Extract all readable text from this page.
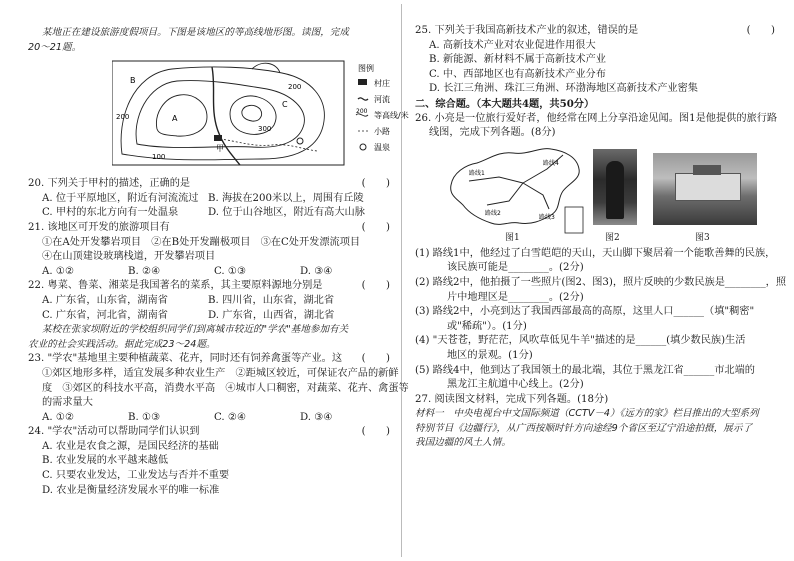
某地正在建设旅游度假项目。下图是该地区的等高线地形图。读图，完成
20～21题。
甲
A
B
C
100
200
300
200
图例
村庄
河流
200 等高线/米
小路
温泉
20. 下列关于甲村的描述，正确的是	(　　)
A. 位于平原地区，附近有河流流过 B. 海拔在200米以上，周围有丘陵
C. 甲村的东北方向有一处温泉	D. 位于山谷地区，附近有高大山脉
21. 该地区可开发的旅游项目有	(　　)
①在A处开发攀岩项目　②在B处开发蹦极项目　③在C处开发漂流项目
④在山顶建设玻璃栈道，开发攀岩项目
A. ①②	B. ②④	C. ①③	D. ③④
22. 粤菜、鲁菜、湘菜是我国著名的菜系，其主要原料源地分别是	(　　)
A. 广东省，山东省，湖南省	B. 四川省，山东省，湖北省
C. 广东省，河北省，湖南省	D. 广东省，山西省，湖北省
某校在张家坝附近的学校组织同学们到离城市较近的"学农"基地参加有关
农业的社会实践活动。据此完成23～24题。
23. "学农"基地里主要种植蔬菜、花卉，同时还有饲养禽蛋等产业。这 (　　)
①郊区地形多样，适宜发展多种农业生产　②距城区较近，可保证农产品的新鲜
度　③郊区的科技水平高，消费水平高　④城市人口稠密，对蔬菜、花卉、禽蛋等
的需求量大
A. ①②	B. ①③	C. ②④	D. ③④
24. "学农"活动可以帮助同学们认识到	(　　)
A. 农业是农食之源，是国民经济的基础
B. 农业发展的水平越来越低
C. 只要农业发达，工业发达与否并不重要
D. 农业是衡量经济发展水平的唯一标准
25. 下列关于我国高新技术产业的叙述，错误的是	(　　)
A. 高新技术产业对农业促进作用很大
B. 新能源、新材料不属于高新技术产业
C. 中、西部地区也有高新技术产业分布
D. 长江三角洲、珠江三角洲、环渤海地区高新技术产业密集
二、综合题。（本大题共4题，共50分）
26. 小亮是一位旅行爱好者，他经常在网上分享沿途见闻。图1是他提供的旅行路
线图，完成下列各题。(8分)
路线1
路线2
路线3
路线4
图1	图2	图3
(1) 路线1中，他经过了白雪皑皑的天山，天山脚下聚居着一个能歌善舞的民族，
该民族可能是________。(2分)
(2) 路线2中，他拍摄了一些照片(图2、图3)，照片反映的少数民族是________，照
片中地理区是________。(2分)
(3) 路线2中，小亮到达了我国西部最高的高原，这里人口______（填"稠密"
或"稀疏"）。(1分)
(4) "天苍苍，野茫茫，风吹草低见牛羊"描述的是______(填少数民族)生活
地区的景观。(1分)
(5) 路线4中，他到达了我国领土的最北端，其位于黑龙江省______市北端的
黑龙江主航道中心线上。(2分)
27. 阅读图文材料，完成下列各题。(18分)
材料一　中央电视台中文国际频道（CCTV－4）《远方的家》栏目推出的大型系列
特别节目《边疆行》，从广西按顺时针方向途经9个省区至辽宁沿途拍摄，展示了
我国边疆的风土人情。
